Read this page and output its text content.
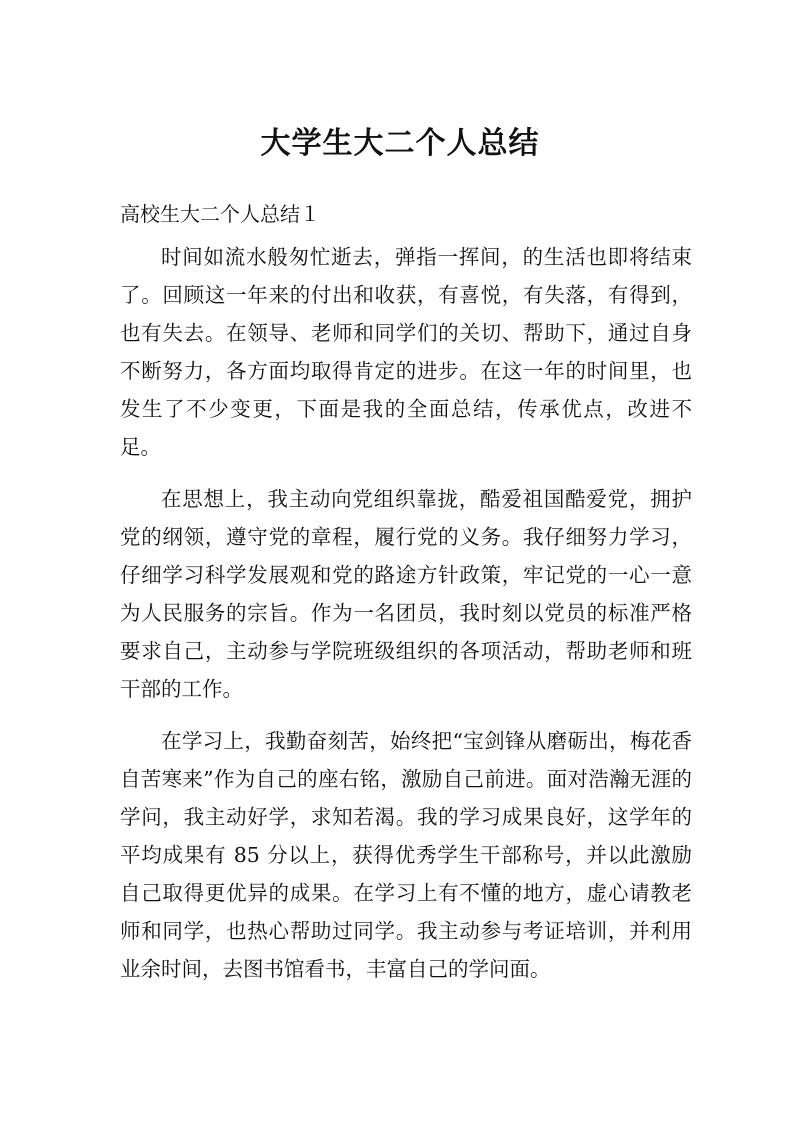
大学生大二个人总结
高校生大二个人总结１

时间如流水般匆忙逝去，弹指一挥间，的生活也即将结束了。回顾这一年来的付出和收获，有喜悦，有失落，有得到，也有失去。在领导、老师和同学们的关切、帮助下，通过自身不断努力，各方面均取得肯定的进步。在这一年的时间里，也发生了不少变更，下面是我的全面总结，传承优点，改进不足。

在思想上，我主动向党组织靠拢，酷爱祖国酷爱党，拥护党的纲领，遵守党的章程，履行党的义务。我仔细努力学习，仔细学习科学发展观和党的路途方针政策，牢记党的一心一意为人民服务的宗旨。作为一名团员，我时刻以党员的标准严格要求自己，主动参与学院班级组织的各项活动，帮助老师和班干部的工作。

在学习上，我勤奋刻苦，始终把“宝剑锋从磨砺出，梅花香自苦寒来”作为自己的座右铭，激励自己前进。面对浩瀚无涯的学问，我主动好学，求知若渴。我的学习成果良好，这学年的平均成果有 85 分以上，获得优秀学生干部称号，并以此激励自己取得更优异的成果。在学习上有不懂的地方，虚心请教老师和同学，也热心帮助过同学。我主动参与考证培训，并利用业余时间，去图书馆看书，丰富自己的学问面。
